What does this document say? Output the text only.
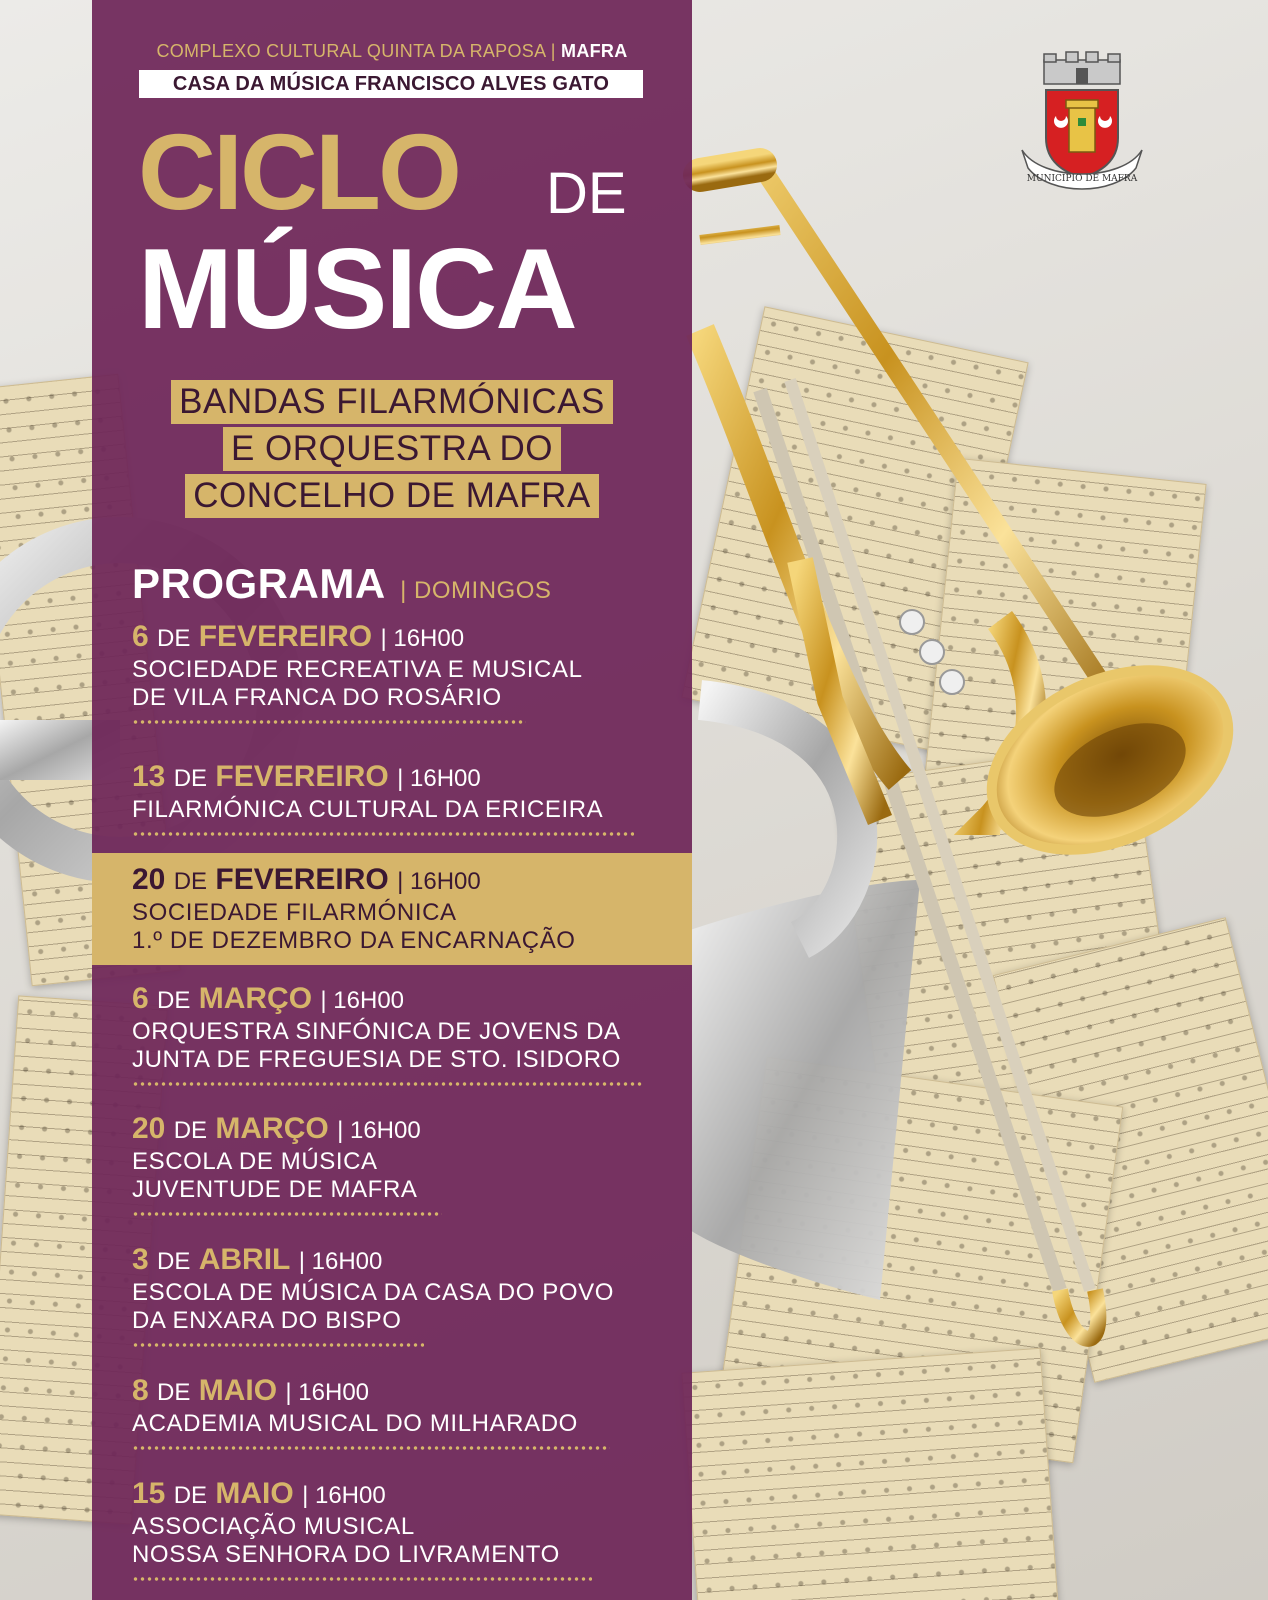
MUNICIPIO DE MAFRA
COMPLEXO CULTURAL QUINTA DA RAPOSA | MAFRA
CASA DA MÚSICA FRANCISCO ALVES GATO
CICLO DE
MÚSICA
BANDAS FILARMÓNICAS
E ORQUESTRA DO
CONCELHO DE MAFRA
PROGRAMA | DOMINGOS
6 DE FEVEREIRO | 16H00
SOCIEDADE RECREATIVA E MUSICAL
DE VILA FRANCA DO ROSÁRIO
13 DE FEVEREIRO | 16H00
FILARMÓNICA CULTURAL DA ERICEIRA
20 DE FEVEREIRO | 16H00
SOCIEDADE FILARMÓNICA
1.º DE DEZEMBRO DA ENCARNAÇÃO
6 DE MARÇO | 16H00
ORQUESTRA SINFÓNICA DE JOVENS DA
JUNTA DE FREGUESIA DE STO. ISIDORO
20 DE MARÇO | 16H00
ESCOLA DE MÚSICA
JUVENTUDE DE MAFRA
3 DE ABRIL | 16H00
ESCOLA DE MÚSICA DA CASA DO POVO
DA ENXARA DO BISPO
8 DE MAIO | 16H00
ACADEMIA MUSICAL DO MILHARADO
15 DE MAIO | 16H00
ASSOCIAÇÃO MUSICAL
NOSSA SENHORA DO LIVRAMENTO
